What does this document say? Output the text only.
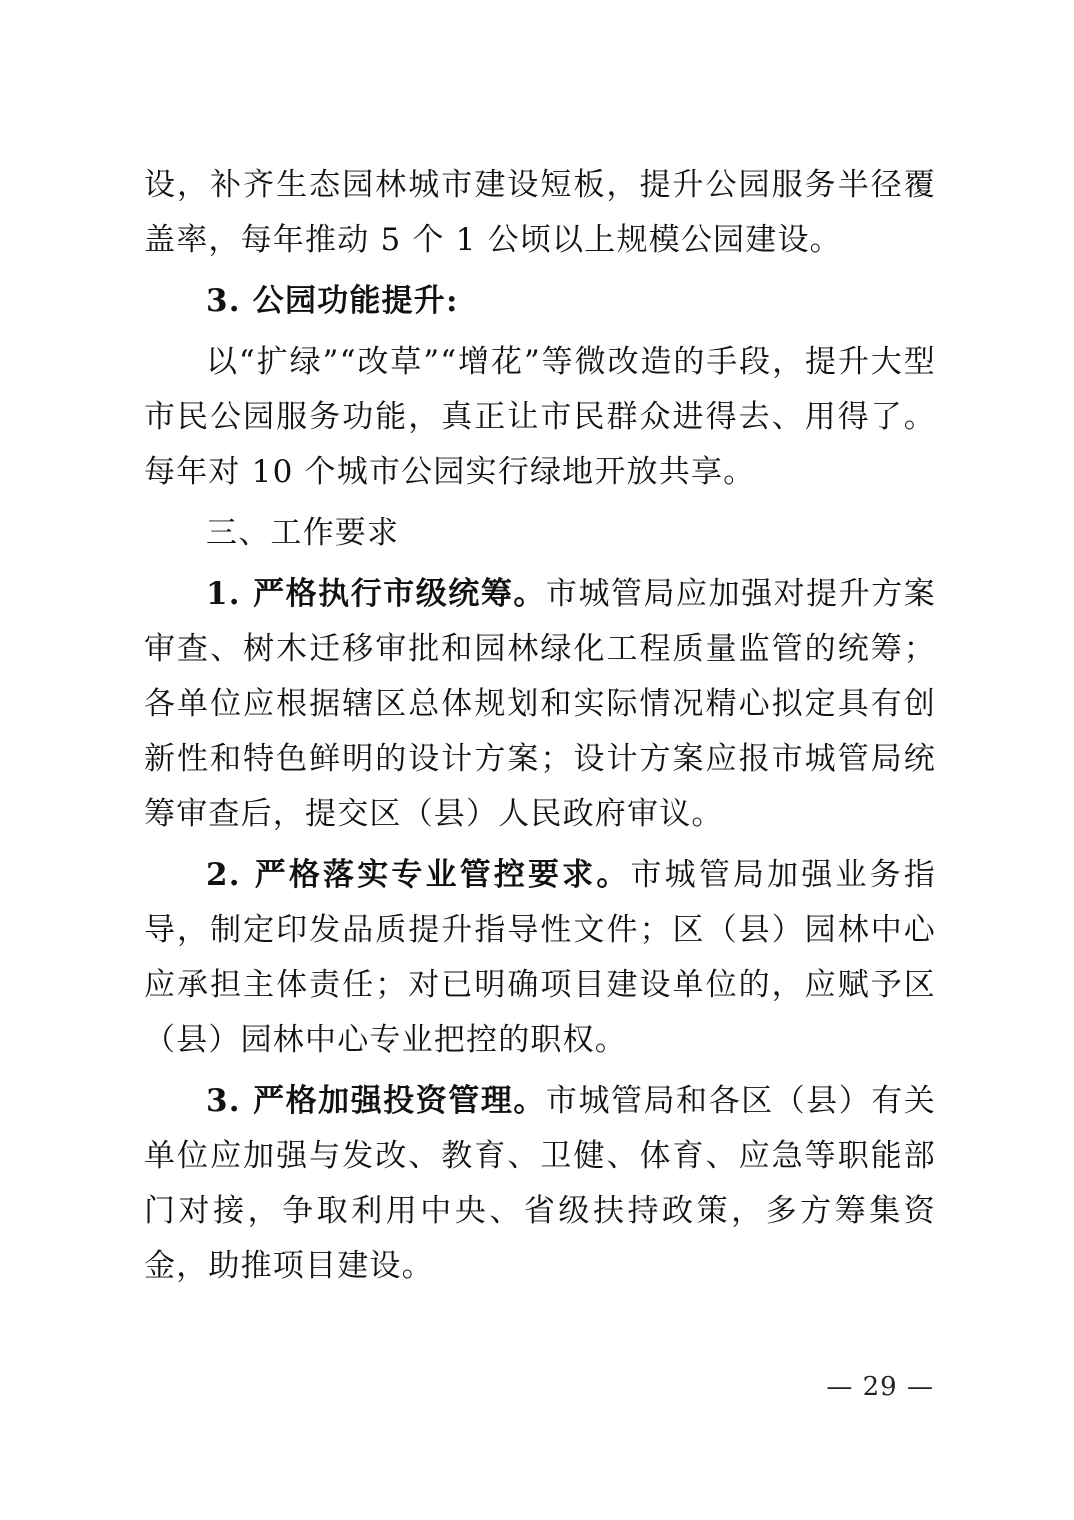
设，补齐生态园林城市建设短板，提升公园服务半径覆盖率，每年推动 5 个 1 公顷以上规模公园建设。

3. 公园功能提升:

以“扩绿”“改草”“增花”等微改造的手段，提升大型市民公园服务功能，真正让市民群众进得去、用得了。每年对 10 个城市公园实行绿地开放共享。

三、工作要求

1. 严格执行市级统筹。市城管局应加强对提升方案审查、树木迁移审批和园林绿化工程质量监管的统筹；各单位应根据辖区总体规划和实际情况精心拟定具有创新性和特色鲜明的设计方案；设计方案应报市城管局统筹审查后，提交区（县）人民政府审议。

2. 严格落实专业管控要求。市城管局加强业务指导，制定印发品质提升指导性文件；区（县）园林中心应承担主体责任；对已明确项目建设单位的，应赋予区（县）园林中心专业把控的职权。

3. 严格加强投资管理。市城管局和各区（县）有关单位应加强与发改、教育、卫健、体育、应急等职能部门对接，争取利用中央、省级扶持政策，多方筹集资金，助推项目建设。

— 29 —
